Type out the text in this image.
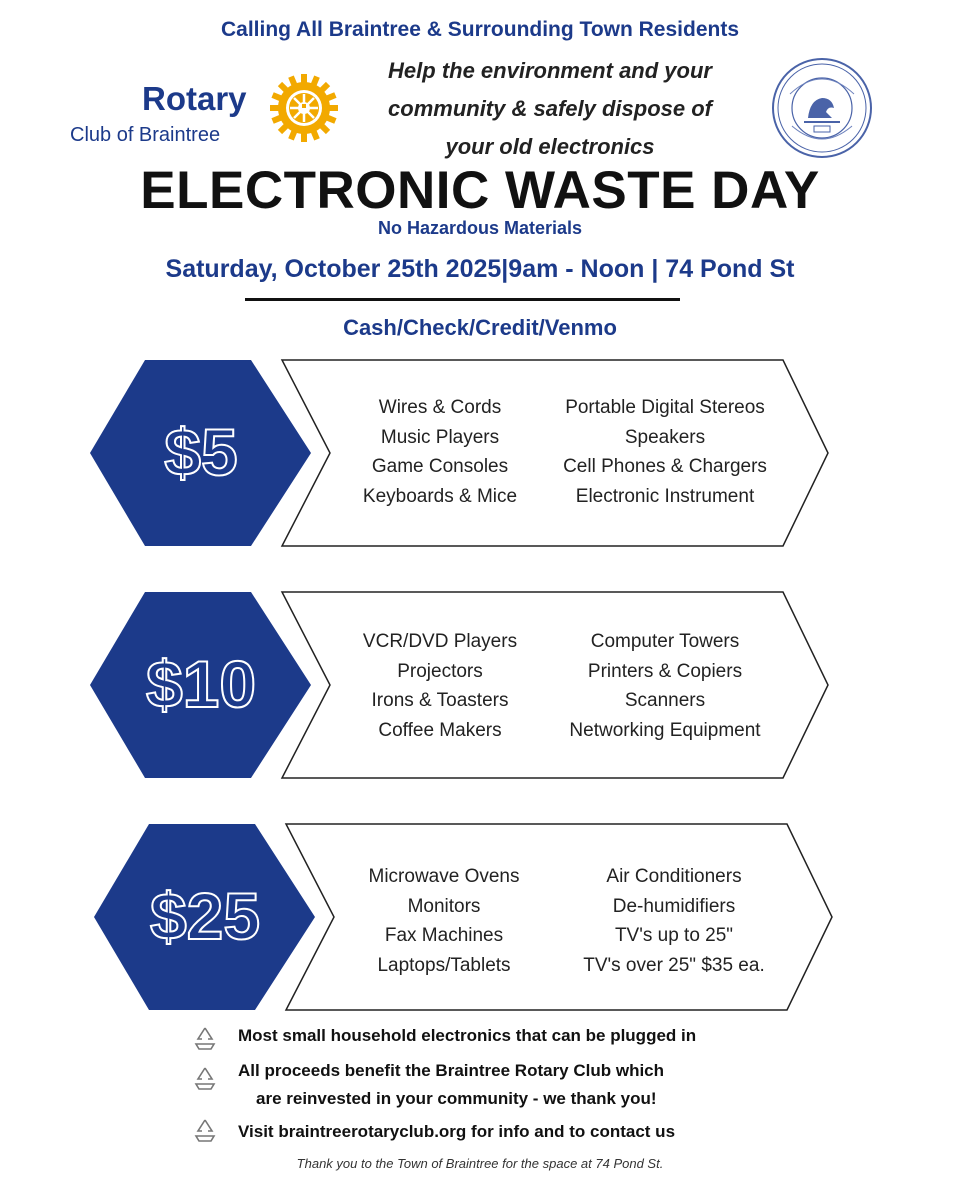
Calling All Braintree & Surrounding Town Residents
Rotary
Club of Braintree
Help the environment and your
community & safely dispose of
your old electronics
ELECTRONIC WASTE DAY
No Hazardous Materials
Saturday, October 25th 2025|9am - Noon | 74 Pond St
Cash/Check/Credit/Venmo
$5
Wires & Cords
Music Players
Game Consoles
Keyboards & Mice
Portable Digital Stereos
Speakers
Cell Phones & Chargers
Electronic Instrument
$10
VCR/DVD Players
Projectors
Irons & Toasters
Coffee Makers
Computer Towers
Printers & Copiers
Scanners
Networking Equipment
$25
Microwave Ovens
Monitors
Fax Machines
Laptops/Tablets
Air Conditioners
De-humidifiers
TV's up to 25"
TV's over 25" $35 ea.
Most small household electronics that can be plugged in
All proceeds benefit the Braintree Rotary Club which
are reinvested in your community - we thank you!
Visit braintreerotaryclub.org for info and to contact us
Thank you to the Town of Braintree for the space at 74 Pond St.
